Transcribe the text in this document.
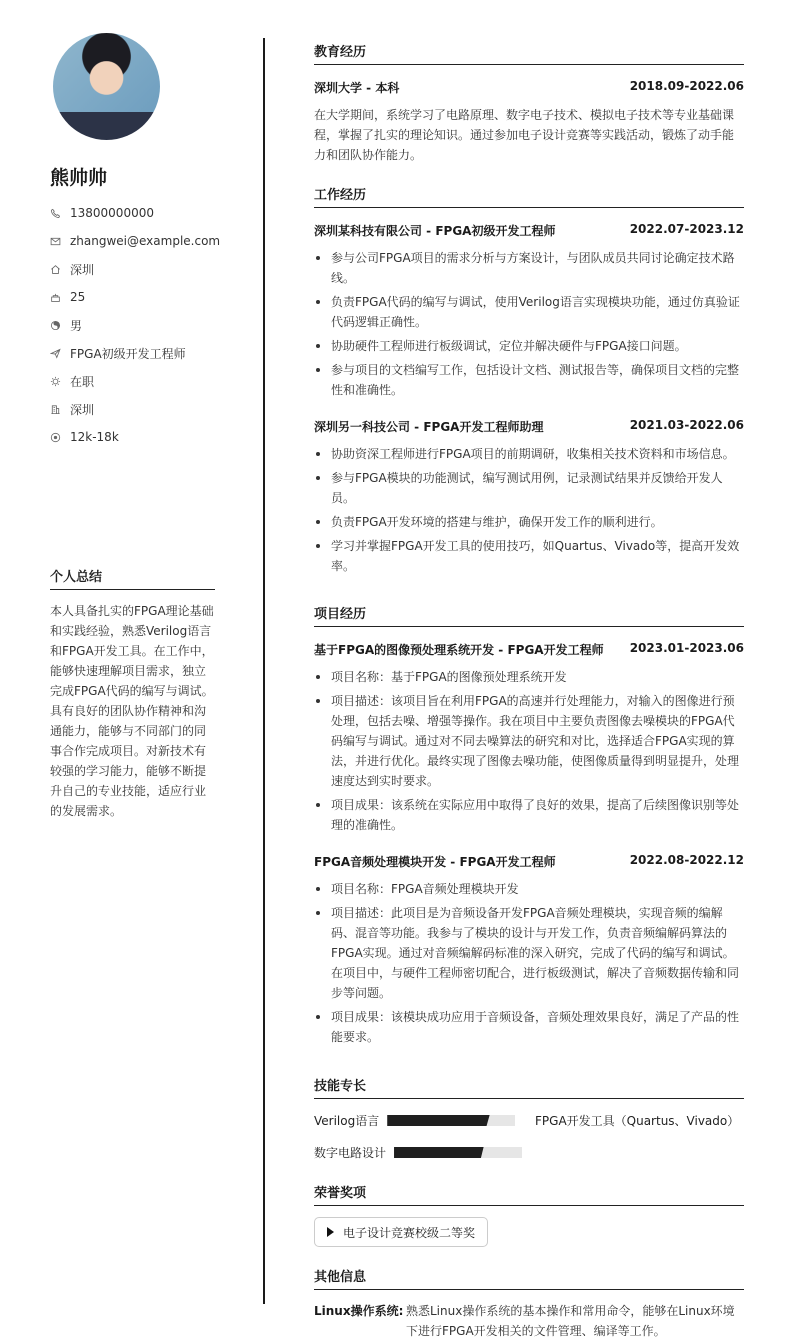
熊帅帅
13800000000
zhangwei@example.com
深圳
25
男
FPGA初级开发工程师
在职
深圳
12k-18k
个人总结
本人具备扎实的FPGA理论基础和实践经验，熟悉Verilog语言和FPGA开发工具。在工作中，能够快速理解项目需求，独立完成FPGA代码的编写与调试。具有良好的团队协作精神和沟通能力，能够与不同部门的同事合作完成项目。对新技术有较强的学习能力，能够不断提升自己的专业技能，适应行业的发展需求。
教育经历
深圳大学 - 本科	2018.09-2022.06
在大学期间，系统学习了电路原理、数字电子技术、模拟电子技术等专业基础课程，掌握了扎实的理论知识。通过参加电子设计竞赛等实践活动，锻炼了动手能力和团队协作能力。
工作经历
深圳某科技有限公司 - FPGA初级开发工程师	2022.07-2023.12
参与公司FPGA项目的需求分析与方案设计，与团队成员共同讨论确定技术路线。
负责FPGA代码的编写与调试，使用Verilog语言实现模块功能，通过仿真验证代码逻辑正确性。
协助硬件工程师进行板级调试，定位并解决硬件与FPGA接口问题。
参与项目的文档编写工作，包括设计文档、测试报告等，确保项目文档的完整性和准确性。
深圳另一科技公司 - FPGA开发工程师助理	2021.03-2022.06
协助资深工程师进行FPGA项目的前期调研，收集相关技术资料和市场信息。
参与FPGA模块的功能测试，编写测试用例，记录测试结果并反馈给开发人员。
负责FPGA开发环境的搭建与维护，确保开发工作的顺利进行。
学习并掌握FPGA开发工具的使用技巧，如Quartus、Vivado等，提高开发效率。
项目经历
基于FPGA的图像预处理系统开发 - FPGA开发工程师 2023.01-2023.06
项目名称：基于FPGA的图像预处理系统开发
项目描述：该项目旨在利用FPGA的高速并行处理能力，对输入的图像进行预处理，包括去噪、增强等操作。我在项目中主要负责图像去噪模块的FPGA代码编写与调试。通过对不同去噪算法的研究和对比，选择适合FPGA实现的算法，并进行优化。最终实现了图像去噪功能，使图像质量得到明显提升，处理速度达到实时要求。
项目成果：该系统在实际应用中取得了良好的效果，提高了后续图像识别等处理的准确性。
FPGA音频处理模块开发 - FPGA开发工程师	2022.08-2022.12
项目名称：FPGA音频处理模块开发
项目描述：此项目是为音频设备开发FPGA音频处理模块，实现音频的编解码、混音等功能。我参与了模块的设计与开发工作，负责音频编解码算法的FPGA实现。通过对音频编解码标准的深入研究，完成了代码的编写和调试。在项目中，与硬件工程师密切配合，进行板级测试，解决了音频数据传输和同步等问题。
项目成果：该模块成功应用于音频设备，音频处理效果良好，满足了产品的性能要求。
技能专长
Verilog语言	FPGA开发工具（Quartus、Vivado）
数字电路设计
荣誉奖项
电子设计竞赛校级二等奖
其他信息
Linux操作系统: 熟悉Linux操作系统的基本操作和常用命令，能够在Linux环境下进行FPGA开发相关的文件管理、编译等工作。
